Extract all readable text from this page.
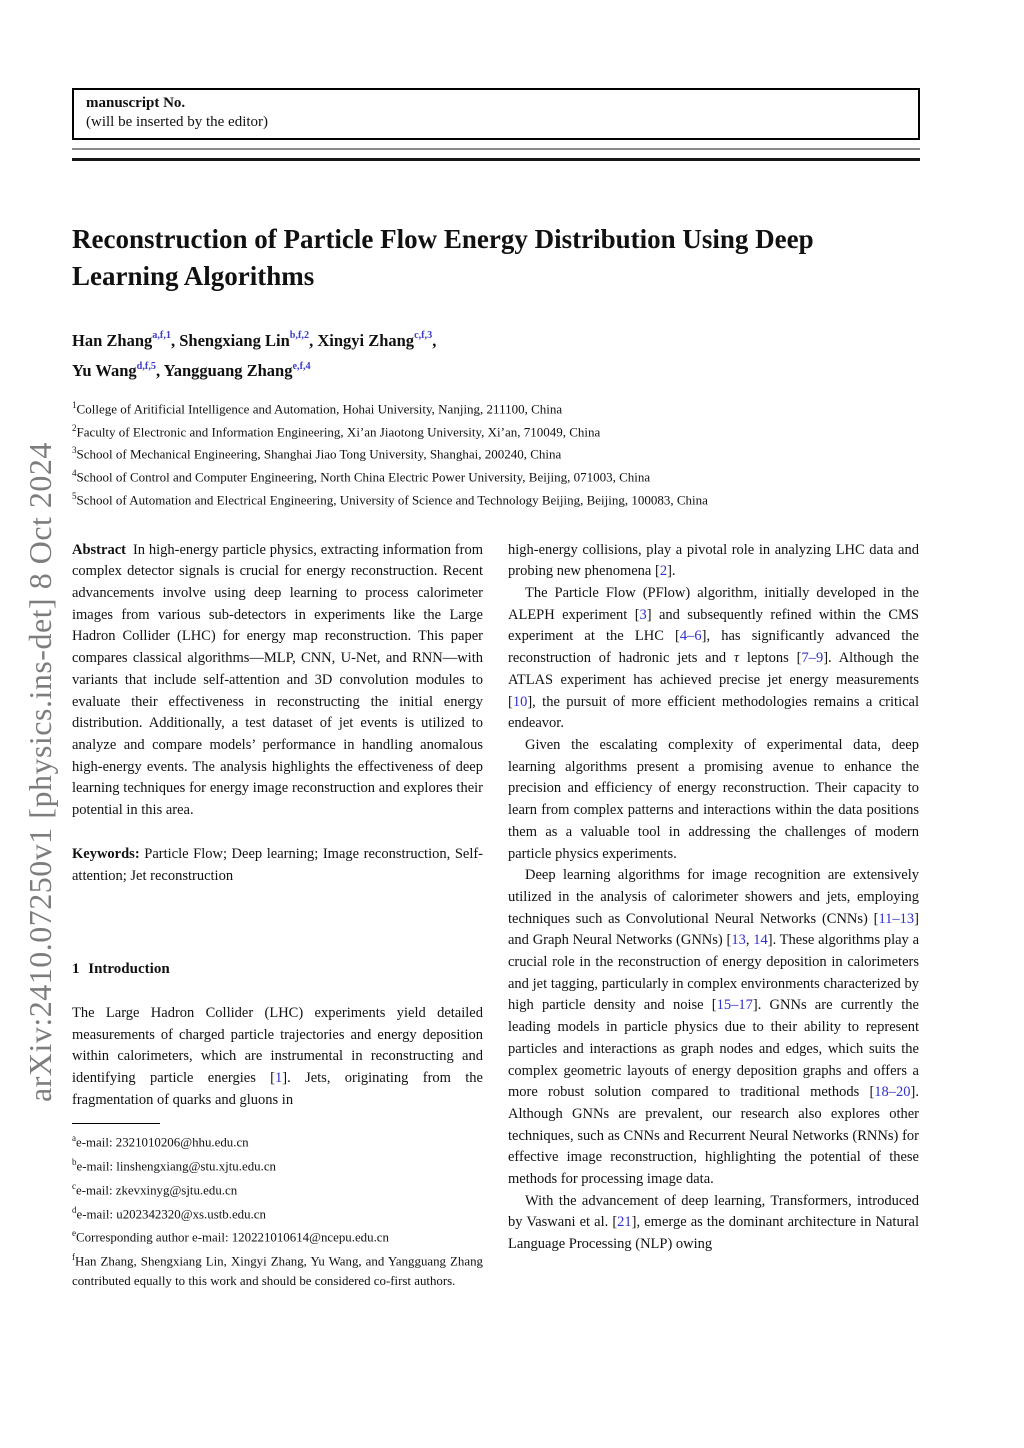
arXiv:2410.07250v1 [physics.ins-det] 8 Oct 2024
manuscript No.
(will be inserted by the editor)
Reconstruction of Particle Flow Energy Distribution Using Deep Learning Algorithms
Han Zhang$^{a,f,1}$, Shengxiang Lin$^{b,f,2}$, Xingyi Zhang$^{c,f,3}$,
Yu Wang$^{d,f,5}$, Yangguang Zhang$^{e,f,4}$
$^1$College of Aritificial Intelligence and Automation, Hohai University, Nanjing, 211100, China
$^2$Faculty of Electronic and Information Engineering, Xi’an Jiaotong University, Xi’an, 710049, China
$^3$School of Mechanical Engineering, Shanghai Jiao Tong University, Shanghai, 200240, China
$^4$School of Control and Computer Engineering, North China Electric Power University, Beijing, 071003, China
$^5$School of Automation and Electrical Engineering, University of Science and Technology Beijing, Beijing, 100083, China

Abstract In high-energy particle physics, extracting information from complex detector signals is crucial for energy reconstruction. Recent advancements involve using deep learning to process calorimeter images from various sub-detectors in experiments like the Large Hadron Collider (LHC) for energy map reconstruction. This paper compares classical algorithms—MLP, CNN, U-Net, and RNN—with variants that include self-attention and 3D convolution modules to evaluate their effectiveness in reconstructing the initial energy distribution. Additionally, a test dataset of jet events is utilized to analyze and compare models’ performance in handling anomalous high-energy events. The analysis highlights the effectiveness of deep learning techniques for energy image reconstruction and explores their potential in this area.

Keywords: Particle Flow; Deep learning; Image reconstruction, Self-attention; Jet reconstruction

1 Introduction

The Large Hadron Collider (LHC) experiments yield detailed measurements of charged particle trajectories and energy deposition within calorimeters, which are instrumental in reconstructing and identifying particle energies [1]. Jets, originating from the fragmentation of quarks and gluons in

$^a$e-mail: 2321010206@hhu.edu.cn
$^b$e-mail: linshengxiang@stu.xjtu.edu.cn
$^c$e-mail: zkevxinyg@sjtu.edu.cn
$^d$e-mail: u202342320@xs.ustb.edu.cn
$^e$Corresponding author e-mail: 120221010614@ncepu.edu.cn
$^f$Han Zhang, Shengxiang Lin, Xingyi Zhang, Yu Wang, and Yangguang Zhang contributed equally to this work and should be considered co-first authors.

high-energy collisions, play a pivotal role in analyzing LHC data and probing new phenomena [2].

The Particle Flow (PFlow) algorithm, initially developed in the ALEPH experiment [3] and subsequently refined within the CMS experiment at the LHC [4–6], has significantly advanced the reconstruction of hadronic jets and τ leptons [7–9]. Although the ATLAS experiment has achieved precise jet energy measurements [10], the pursuit of more efficient methodologies remains a critical endeavor.

Given the escalating complexity of experimental data, deep learning algorithms present a promising avenue to enhance the precision and efficiency of energy reconstruction. Their capacity to learn from complex patterns and interactions within the data positions them as a valuable tool in addressing the challenges of modern particle physics experiments.

Deep learning algorithms for image recognition are extensively utilized in the analysis of calorimeter showers and jets, employing techniques such as Convolutional Neural Networks (CNNs) [11–13] and Graph Neural Networks (GNNs) [13, 14]. These algorithms play a crucial role in the reconstruction of energy deposition in calorimeters and jet tagging, particularly in complex environments characterized by high particle density and noise [15–17]. GNNs are currently the leading models in particle physics due to their ability to represent particles and interactions as graph nodes and edges, which suits the complex geometric layouts of energy deposition graphs and offers a more robust solution compared to traditional methods [18–20]. Although GNNs are prevalent, our research also explores other techniques, such as CNNs and Recurrent Neural Networks (RNNs) for effective image reconstruction, highlighting the potential of these methods for processing image data.

With the advancement of deep learning, Transformers, introduced by Vaswani et al. [21], emerge as the dominant architecture in Natural Language Processing (NLP) owing
